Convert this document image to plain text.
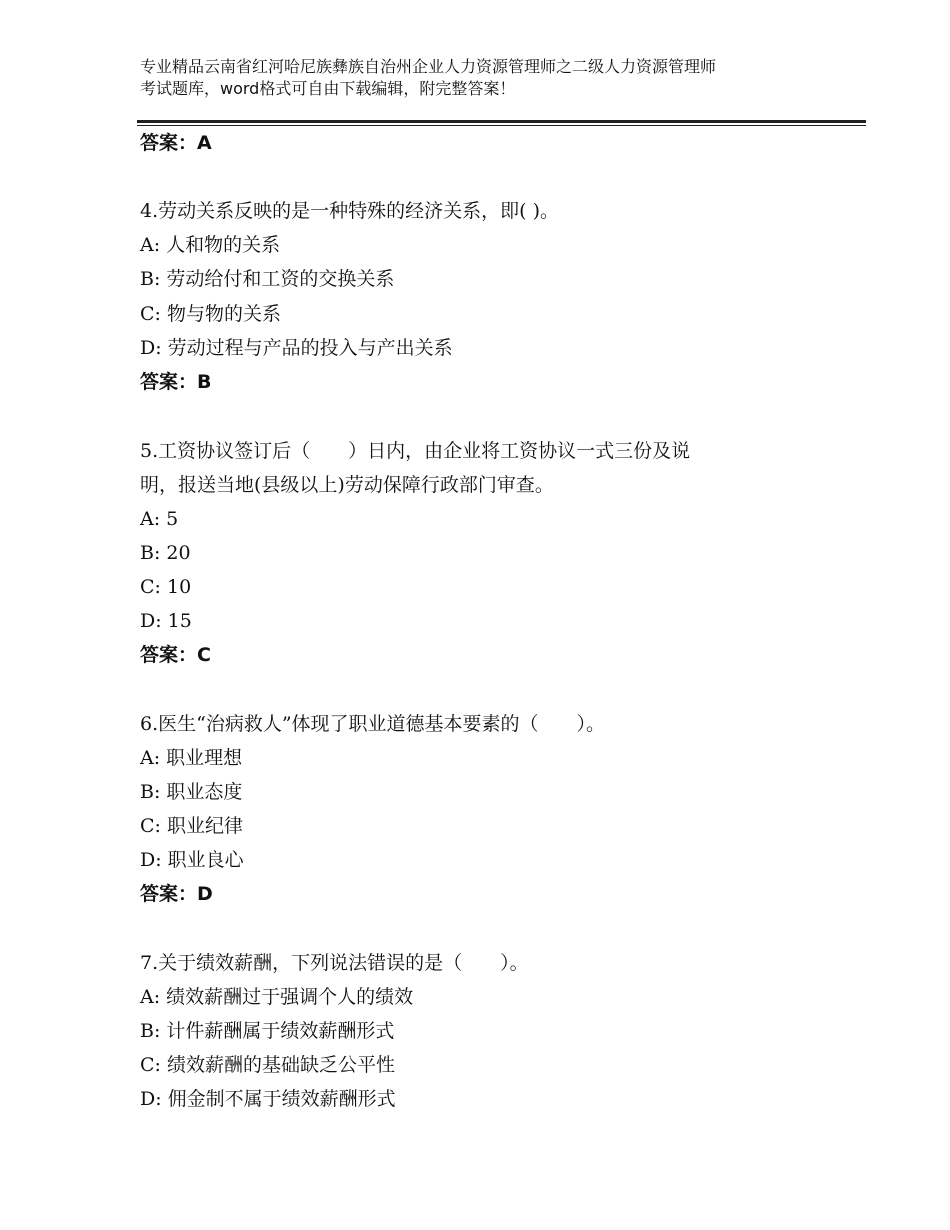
专业精品云南省红河哈尼族彝族自治州企业人力资源管理师之二级人力资源管理师
考试题库，word格式可自由下载编辑，附完整答案！
答案：A
4.劳动关系反映的是一种特殊的经济关系，即( )。
A: 人和物的关系
B: 劳动给付和工资的交换关系
C: 物与物的关系
D: 劳动过程与产品的投入与产出关系
答案：B
5.工资协议签订后（　　）日内，由企业将工资协议一式三份及说
明，报送当地(县级以上)劳动保障行政部门审查。
A: 5
B: 20
C: 10
D: 15
答案：C
6.医生“治病救人”体现了职业道德基本要素的（　　）。
A: 职业理想
B: 职业态度
C: 职业纪律
D: 职业良心
答案：D
7.关于绩效薪酬，下列说法错误的是（　　）。
A: 绩效薪酬过于强调个人的绩效
B: 计件薪酬属于绩效薪酬形式
C: 绩效薪酬的基础缺乏公平性
D: 佣金制不属于绩效薪酬形式
